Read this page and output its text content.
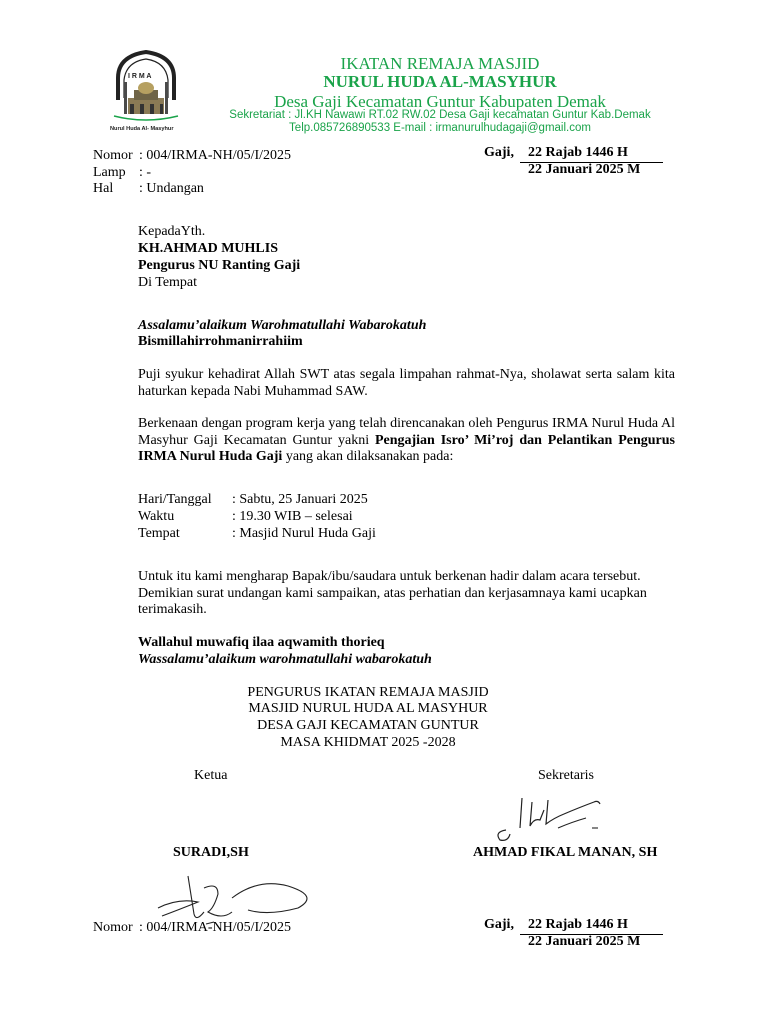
I R M A
Nurul Huda Al- Masyhur
IKATAN REMAJA MASJID
NURUL HUDA AL-MASYHUR
Desa Gaji Kecamatan Guntur Kabupaten Demak
Sekretariat : Jl.KH Nawawi RT.02 RW.02 Desa Gaji kecamatan Guntur Kab.Demak
Telp.085726890533 E-mail : irmanurulhudagaji@gmail.com
Nomor : 004/IRMA-NH/05/I/2025
Lamp : -
Hal : Undangan
Gaji,	22 Rajab 1446 H
22 Januari 2025 M
KepadaYth.
KH.AHMAD MUHLIS
Pengurus NU Ranting Gaji
Di Tempat
Assalamu’alaikum Warohmatullahi Wabarokatuh
Bismillahirrohmanirrahiim
Puji syukur kehadirat Allah SWT atas segala limpahan rahmat-Nya, sholawat serta salam kita haturkan kepada Nabi Muhammad SAW.
Berkenaan dengan program kerja yang telah direncanakan oleh Pengurus IRMA Nurul Huda Al Masyhur Gaji Kecamatan Guntur yakni Pengajian Isro’ Mi’roj dan Pelantikan Pengurus IRMA Nurul Huda Gaji yang akan dilaksanakan pada:
Hari/Tanggal : Sabtu, 25 Januari 2025
Waktu	: 19.30 WIB – selesai
Tempat	: Masjid Nurul Huda Gaji
Untuk itu kami mengharap Bapak/ibu/saudara untuk berkenan hadir dalam acara tersebut. Demikian surat undangan kami sampaikan, atas perhatian dan kerjasamnaya kami ucapkan terimakasih.
Wallahul muwafiq ilaa aqwamith thorieq
Wassalamu’alaikum warohmatullahi wabarokatuh
PENGURUS IKATAN REMAJA MASJID
MASJID NURUL HUDA AL MASYHUR
DESA GAJI KECAMATAN GUNTUR
MASA KHIDMAT 2025 -2028
Ketua	Sekretaris
SURADI,SH	AHMAD FIKAL MANAN, SH
Nomor : 004/IRMA-NH/05/I/2025	Gaji,	22 Rajab 1446 H
22 Januari 2025 M
